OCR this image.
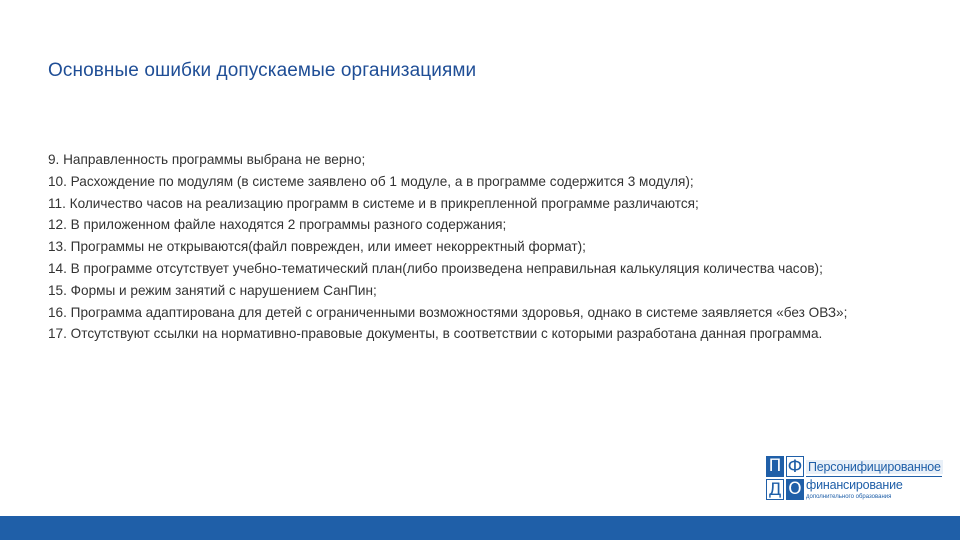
Основные ошибки допускаемые организациями

9. Направленность программы выбрана не верно;

10. Расхождение по модулям (в системе заявлено об 1 модуле, а в программе содержится 3 модуля);

11. Количество часов на реализацию программ в системе и в прикрепленной программе различаются;

12. В приложенном файле находятся 2 программы разного содержания;

13. Программы не открываются(файл поврежден, или имеет некорректный формат);

14. В программе отсутствует учебно-тематический план(либо произведена неправильная калькуляция количества часов);

15. Формы и режим занятий с нарушением СанПин;

16. Программа адаптирована для детей с ограниченными возможностями здоровья, однако в системе заявляется «без ОВЗ»;

17. Отсутствуют ссылки на нормативно-правовые документы, в соответствии с которыми разработана данная программа.

П Ф
Д О
Персонифицированное
финансирование
дополнительного образования
